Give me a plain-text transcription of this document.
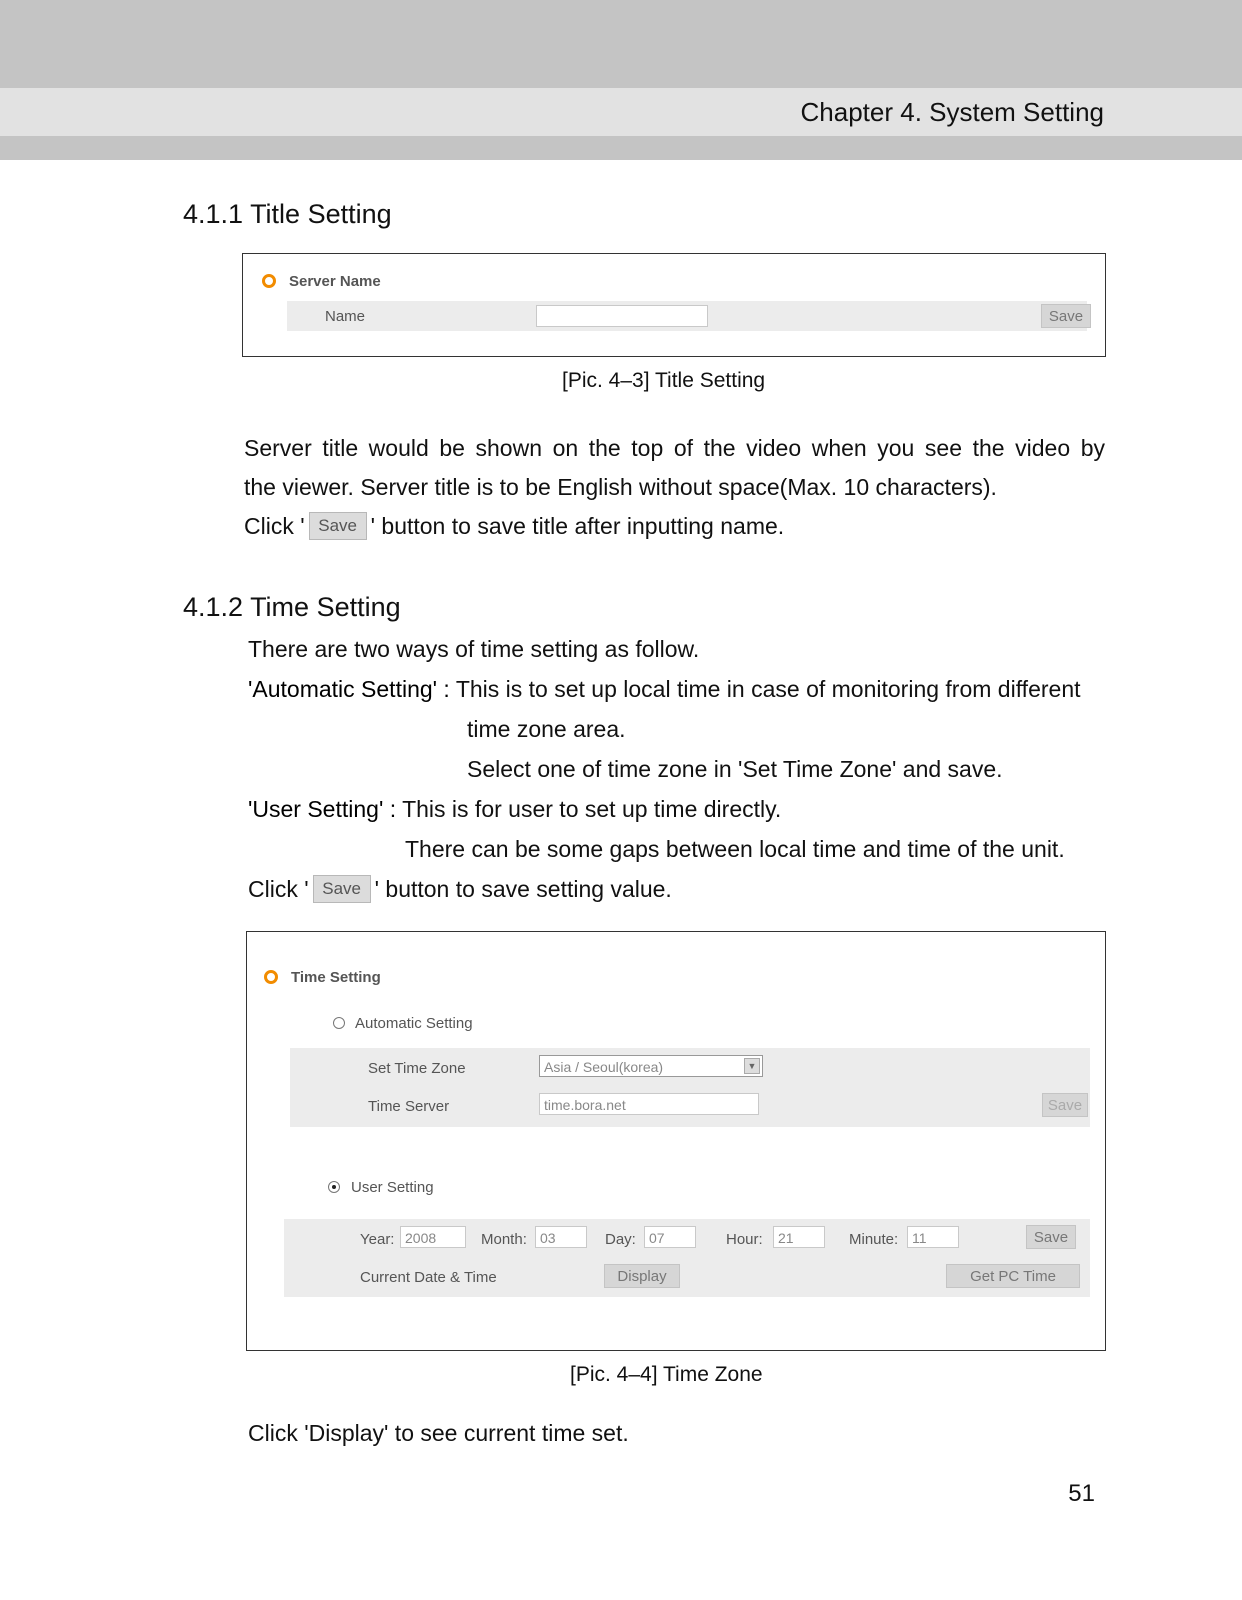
Chapter 4. System Setting
4.1.1 Title Setting
Server Name
Name	Save
[Pic. 4–3] Title Setting
Server title would be shown on the top of the video when you see the video by
the viewer. Server title is to be English without space(Max. 10 characters).
Click ' Save ' button to save title after inputting name.
4.1.2 Time Setting
There are two ways of time setting as follow.
'Automatic Setting' : This is to set up local time in case of monitoring from different
time zone area.
Select one of time zone in 'Set Time Zone' and save.
'User Setting' : This is for user to set up time directly.
There can be some gaps between local time and time of the unit.
Click ' Save ' button to save setting value.
Time Setting
Automatic Setting
Set Time Zone	Asia / Seoul(korea)	▼
Time Server	time.bora.net	Save
User Setting
Year: 2008	Month: 03	Day: 07	Hour:	21	Minute: 11	Save
Current Date & Time	Display	Get PC Time
[Pic. 4–4] Time Zone
Click 'Display' to see current time set.
51
